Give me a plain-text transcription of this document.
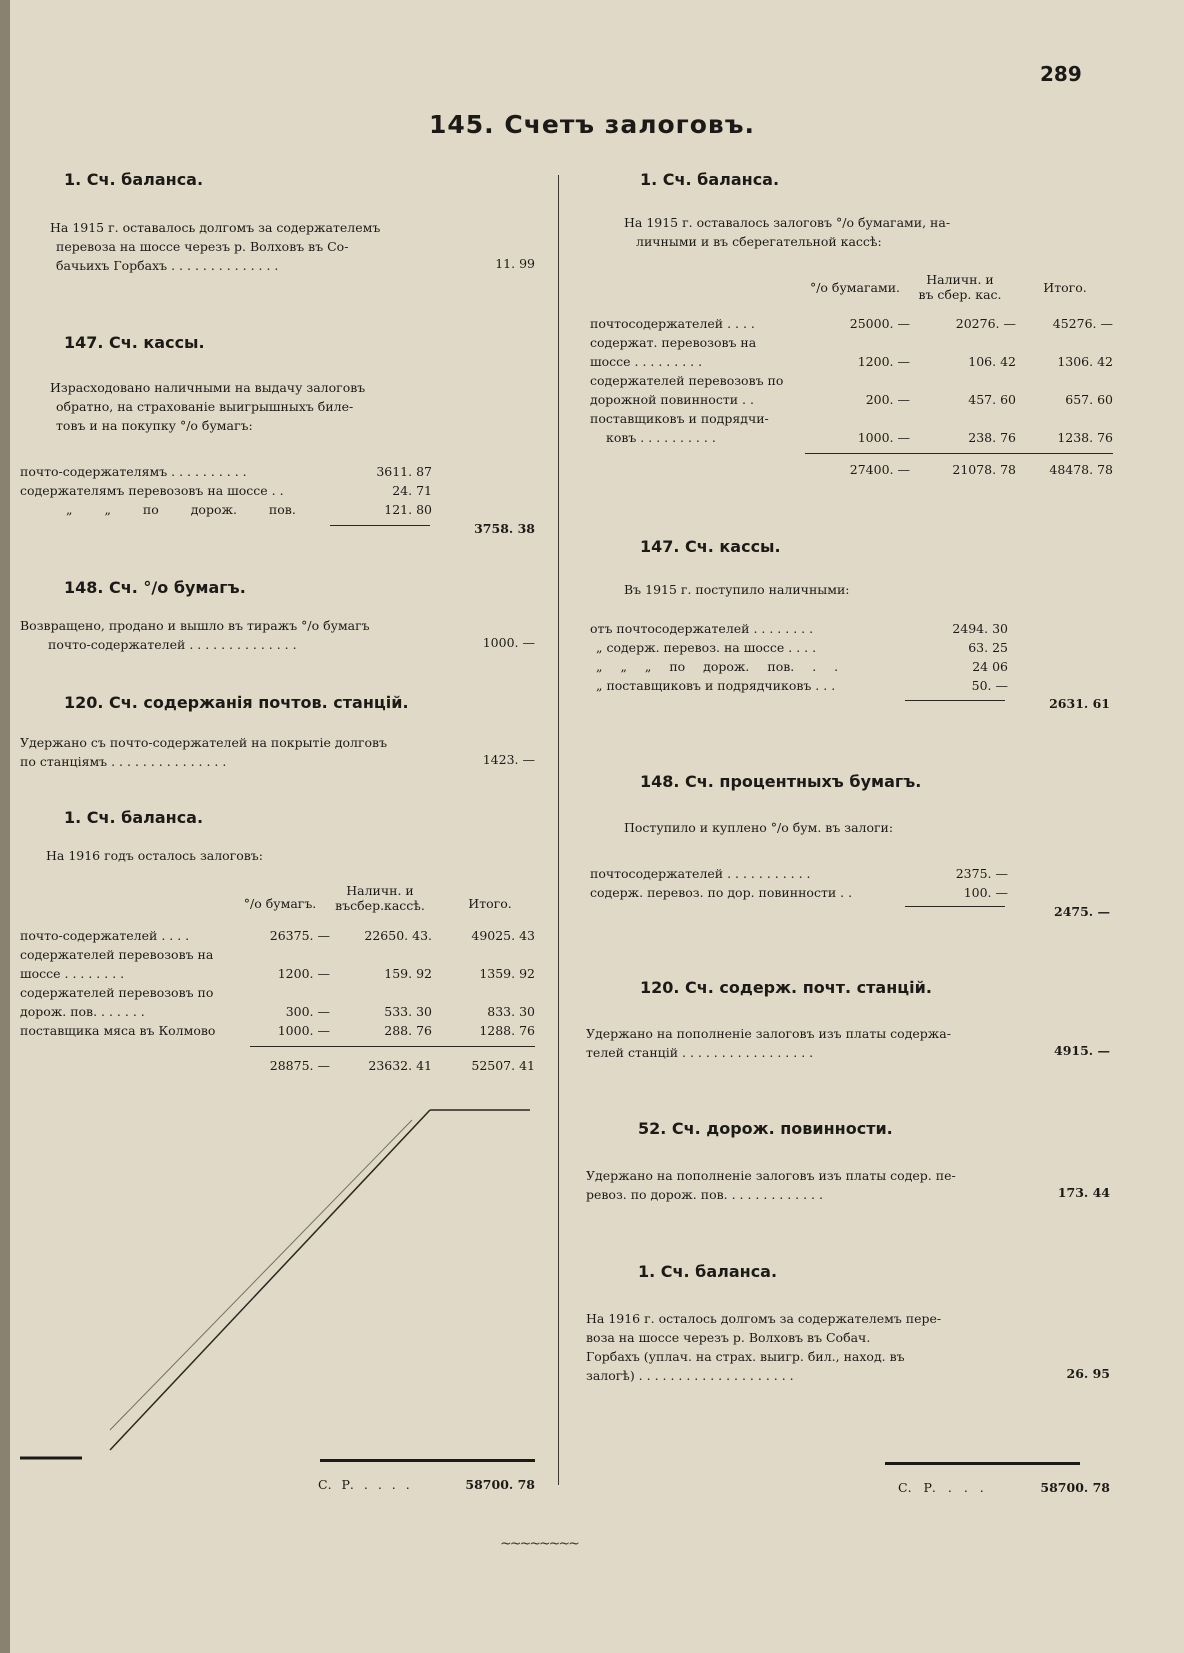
289
145. Счетъ залоговъ.
1. Сч. баланса.
На 1915 г. оставалось долгомъ за содержателемъ
перевоза на шоссе черезъ р. Волховъ въ Со-
бачьихъ Горбахъ . . . . . . . . . . . . . .	11. 99
147. Сч. кассы.
Израсходовано наличными на выдачу залоговъ
обратно, на страхованіе выигрышныхъ биле-
товъ и на покупку °/о бумагъ:
почто-содержателямъ . . . . . . . . . .	3611. 87
содержателямъ перевозовъ на шоссе . .	24. 71
„ „ по дорож. пов.	121. 80
3758. 38
148. Сч. °/о бумагъ.
Возвращено, продано и вышло въ тиражъ °/о бумагъ
почто-содержателей . . . . . . . . . . . . . .	1000. —
120. Сч. содержанія почтов. станцій.
Удержано съ почто-содержателей на покрытіе долговъ
по станціямъ . . . . . . . . . . . . . . .	1423. —
1. Сч. баланса.
На 1916 годъ осталось залоговъ:
°/о бумагъ.
Наличн. и
въсбер.кассѣ.	Итого.
почто-содержателей . . . .	26375. —	22650. 43.	49025. 43
содержателей перевозовъ на
шоссе . . . . . . . .	1200. —	159. 92	1359. 92
содержателей перевозовъ по
дорож. пов. . . . . . .	300. —	533. 30	833. 30
поставщика мяса въ Колмово	1000. —	288. 76	1288. 76
28875. —	23632. 41	52507. 41
С. Р. . . . .	58700. 78
1. Сч. баланса.
На 1915 г. оставалось залоговъ °/о бумагами, на-
личными и въ сберегательной кассѣ:
°/о бумагами.
Наличн. и
въ сбер. кас.	Итого.
почтосодержателей . . . .	25000. —	20276. —	45276. —
содержат. перевозовъ на
шоссе . . . . . . . . .	1200. —	106. 42	1306. 42
содержателей перевозовъ по
дорожной повинности . .	200. —	457. 60	657. 60
поставщиковъ и подрядчи-
ковъ . . . . . . . . . .	1000. —	238. 76	1238. 76
27400. —	21078. 78	48478. 78
147. Сч. кассы.
Въ 1915 г. поступило наличными:
отъ почтосодержателей . . . . . . . .	2494. 30
„ содерж. перевоз. на шоссе . . . .	63. 25
„ „ „ по дорож. пов. . .	24 06
„ поставщиковъ и подрядчиковъ . . .	50. —
2631. 61
148. Сч. процентныхъ бумагъ.
Поступило и куплено °/о бум. въ залоги:
почтосодержателей . . . . . . . . . . .	2375. —
содерж. перевоз. по дор. повинности . .	100. —
2475. —
120. Сч. содерж. почт. станцій.
Удержано на пополненіе залоговъ изъ платы содержа-
телей станцій . . . . . . . . . . . . . . . . .	4915. —
52. Сч. дорож. повинности.
Удержано на пополненіе залоговъ изъ платы содер. пе-
ревоз. по дорож. пов. . . . . . . . . . . . .	173. 44
1. Сч. баланса.
На 1916 г. осталось долгомъ за содержателемъ пере-
воза на шоссе черезъ р. Волховъ въ Собач.
Горбахъ (уплач. на страх. выигр. бил., наход. въ
залогѣ) . . . . . . . . . . . . . . . . . . . .	26. 95
С. Р. . . .	58700. 78
~~~~~~~~
